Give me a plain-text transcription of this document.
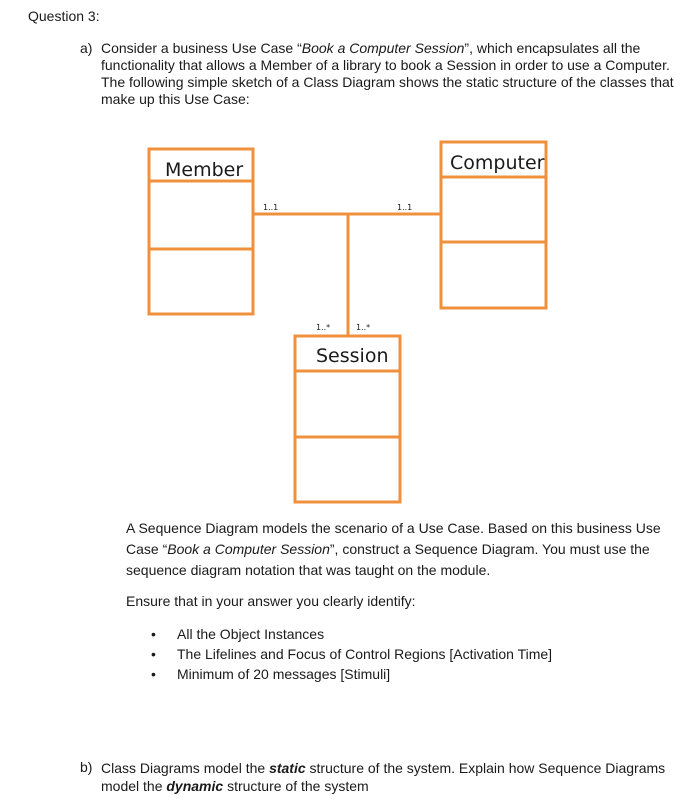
Question 3:
a) Consider a business Use Case “Book a Computer Session”, which encapsulates all the functionality that allows a Member of a library to book a Session in order to use a Computer. The following simple sketch of a Class Diagram shows the static structure of the classes that make up this Use Case:
Member	Computer
Session
1..1	1..1
1..*	1..*
A Sequence Diagram models the scenario of a Use Case. Based on this business Use Case “Book a Computer Session”, construct a Sequence Diagram. You must use the sequence diagram notation that was taught on the module.
Ensure that in your answer you clearly identify:
• All the Object Instances
• The Lifelines and Focus of Control Regions [Activation Time]
• Minimum of 20 messages [Stimuli]
b) Class Diagrams model the static structure of the system. Explain how Sequence Diagrams model the dynamic structure of the system
